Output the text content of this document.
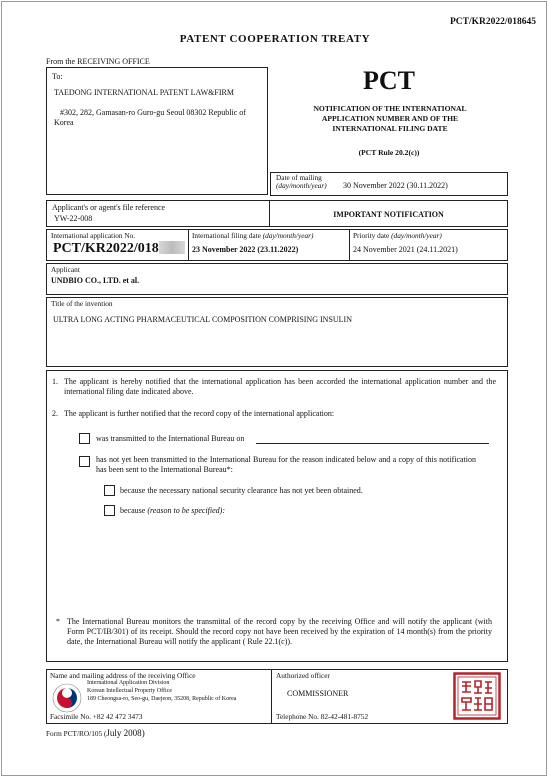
PCT/KR2022/018645
PATENT COOPERATION TREATY
From the RECEIVING OFFICE
To:
TAEDONG INTERNATIONAL PATENT LAW&FIRM
#302, 282, Gamasan-ro Guro-gu Seoul 08302 Republic of Korea
PCT
NOTIFICATION OF THE INTERNATIONAL APPLICATION NUMBER AND OF THE INTERNATIONAL FILING DATE
(PCT Rule 20.2(c))
Date of mailing
(day/month/year) 30 November 2022 (30.11.2022)
Applicant's or agent's file reference
YW-22-008	IMPORTANT NOTIFICATION
International application No.
PCT/KR2022/018
International filing date (day/month/year)
23 November 2022 (23.11.2022)
Priority date (day/month/year)
24 November 2021 (24.11.2021)
Applicant
UNDBIO CO., LTD. et al.
Title of the invention
ULTRA LONG ACTING PHARMACEUTICAL COMPOSITION COMPRISING INSULIN
1. The applicant is hereby notified that the international application has been accorded the international application number and the international filing date indicated above.
2. The applicant is further notified that the record copy of the international application:
was transmitted to the International Bureau on
has not yet been transmitted to the International Bureau for the reason indicated below and a copy of this notification has been sent to the International Bureau*:
because the necessary national security clearance has not yet been obtained.
because (reason to be specified):
* The International Bureau monitors the transmittal of the record copy by the receiving Office and will notify the applicant (with Form PCT/IB/301) of its receipt. Should the record copy not have been received by the expiration of 14 month(s) from the priority date, the International Bureau will notify the applicant ( Rule 22.1(c)).
Name and mailing address of the receiving Office
International Application Division
Korean Intellectual Property Office
189 Cheongsa-ro, Seo-gu, Daejeon, 35208, Republic of Korea
Facsimile No. +82 42 472 3473
Authorized officer
COMMISSIONER
Telephone No. 82-42-481-8752
Form PCT/RO/105 (July 2008)
